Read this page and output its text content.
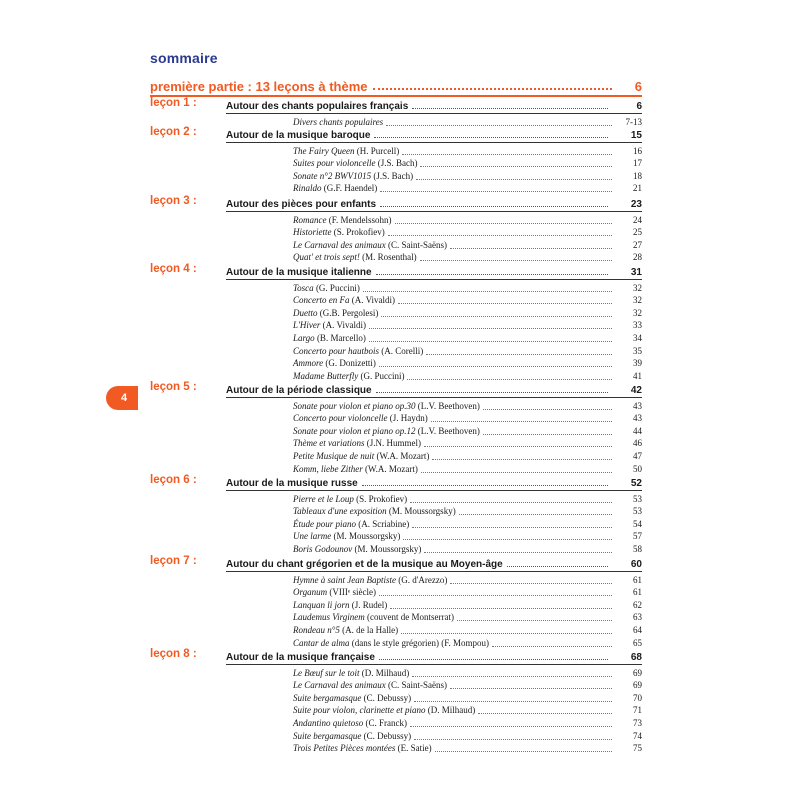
sommaire
première partie : 13 leçons à thème	6
4
leçon 1 :	Autour des chants populaires français	6
Divers chants populaires	7-13
leçon 2 :	Autour de la musique baroque	15
The Fairy Queen (H. Purcell)	16
Suites pour violoncelle (J.S. Bach)	17
Sonate n°2 BWV1015 (J.S. Bach)	18
Rinaldo (G.F. Haendel)	21
leçon 3 :	Autour des pièces pour enfants	23
Romance (F. Mendelssohn)	24
Historiette (S. Prokofiev)	25
Le Carnaval des animaux (C. Saint-Saëns)	27
Quat' et trois sept! (M. Rosenthal)	28
leçon 4 :	Autour de la musique italienne	31
Tosca (G. Puccini)	32
Concerto en Fa (A. Vivaldi)	32
Duetto (G.B. Pergolesi)	32
L'Hiver (A. Vivaldi)	33
Largo (B. Marcello)	34
Concerto pour hautbois (A. Corelli)	35
Ammore (G. Donizetti)	39
Madame Butterfly (G. Puccini)	41
leçon 5 :	Autour de la période classique	42
Sonate pour violon et piano op.30 (L.V. Beethoven)	43
Concerto pour violoncelle (J. Haydn)	43
Sonate pour violon et piano op.12 (L.V. Beethoven)	44
Thème et variations (J.N. Hummel)	46
Petite Musique de nuit (W.A. Mozart)	47
Komm, liebe Zither (W.A. Mozart)	50
leçon 6 :	Autour de la musique russe	52
Pierre et le Loup (S. Prokofiev)	53
Tableaux d'une exposition (M. Moussorgsky)	53
Étude pour piano (A. Scriabine)	54
Une larme (M. Moussorgsky)	57
Boris Godounov (M. Moussorgsky)	58
leçon 7 :	Autour du chant grégorien et de la musique au Moyen-âge	60
Hymne à saint Jean Baptiste (G. d'Arezzo)	61
Organum (VIIIᵉ siècle)	61
Lanquan li jorn (J. Rudel)	62
Laudemus Virginem (couvent de Montserrat)	63
Rondeau n°5 (A. de la Halle)	64
Cantar de alma (dans le style grégorien) (F. Mompou)	65
leçon 8 :	Autour de la musique française	68
Le Bœuf sur le toit (D. Milhaud)	69
Le Carnaval des animaux (C. Saint-Saëns)	69
Suite bergamasque (C. Debussy)	70
Suite pour violon, clarinette et piano (D. Milhaud)	71
Andantino quietoso (C. Franck)	73
Suite bergamasque (C. Debussy)	74
Trois Petites Pièces montées (E. Satie)	75
